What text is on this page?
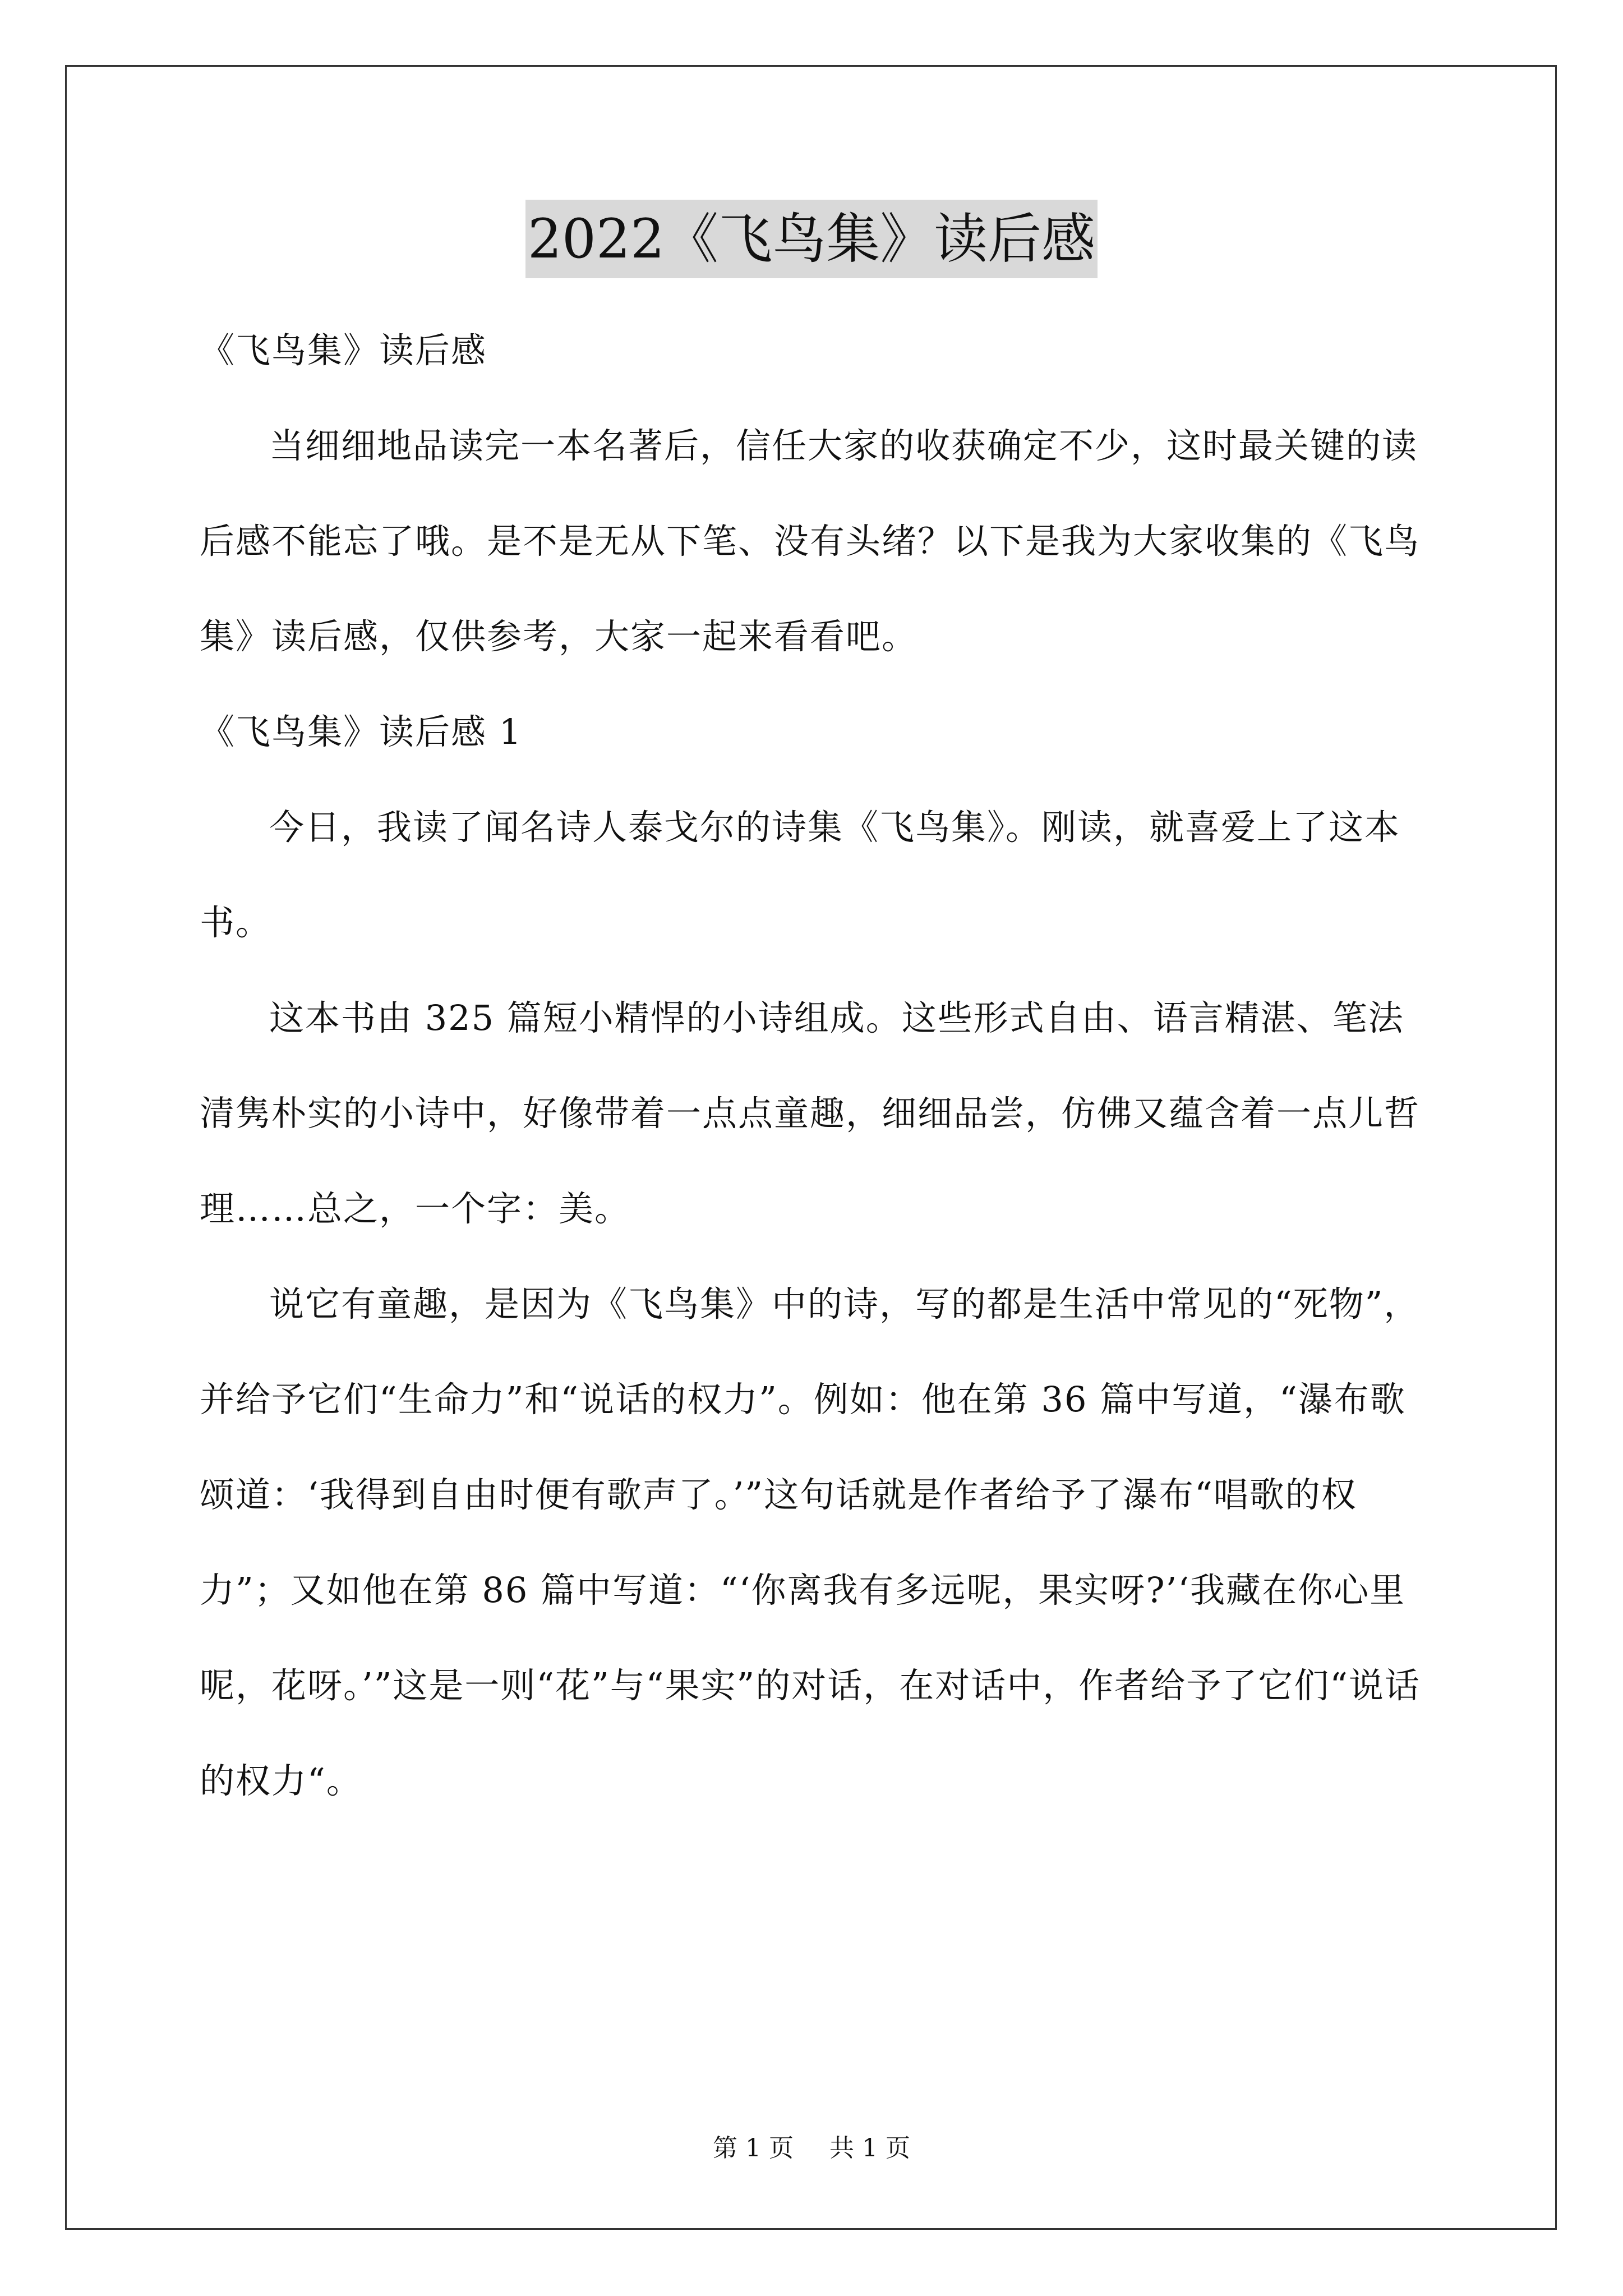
2022《飞鸟集》读后感

《飞鸟集》读后感

当细细地品读完一本名著后，信任大家的收获确定不少，这时最关键的读后感不能忘了哦。是不是无从下笔、没有头绪？以下是我为大家收集的《飞鸟集》读后感，仅供参考，大家一起来看看吧。

《飞鸟集》读后感 1

今日，我读了闻名诗人泰戈尔的诗集《飞鸟集》。刚读，就喜爱上了这本书。

这本书由 325 篇短小精悍的小诗组成。这些形式自由、语言精湛、笔法清隽朴实的小诗中，好像带着一点点童趣，细细品尝，仿佛又蕴含着一点儿哲理……总之，一个字：美。

说它有童趣，是因为《飞鸟集》中的诗，写的都是生活中常见的“死物”，并给予它们“生命力”和“说话的权力”。例如：他在第 36 篇中写道，“瀑布歌颂道：‘我得到自由时便有歌声了。’”这句话就是作者给予了瀑布“唱歌的权力”；又如他在第 86 篇中写道：“‘你离我有多远呢，果实呀?’‘我藏在你心里呢，花呀。’”这是一则“花”与“果实”的对话，在对话中，作者给予了它们“说话的权力“。

第 1 页 共 1 页
